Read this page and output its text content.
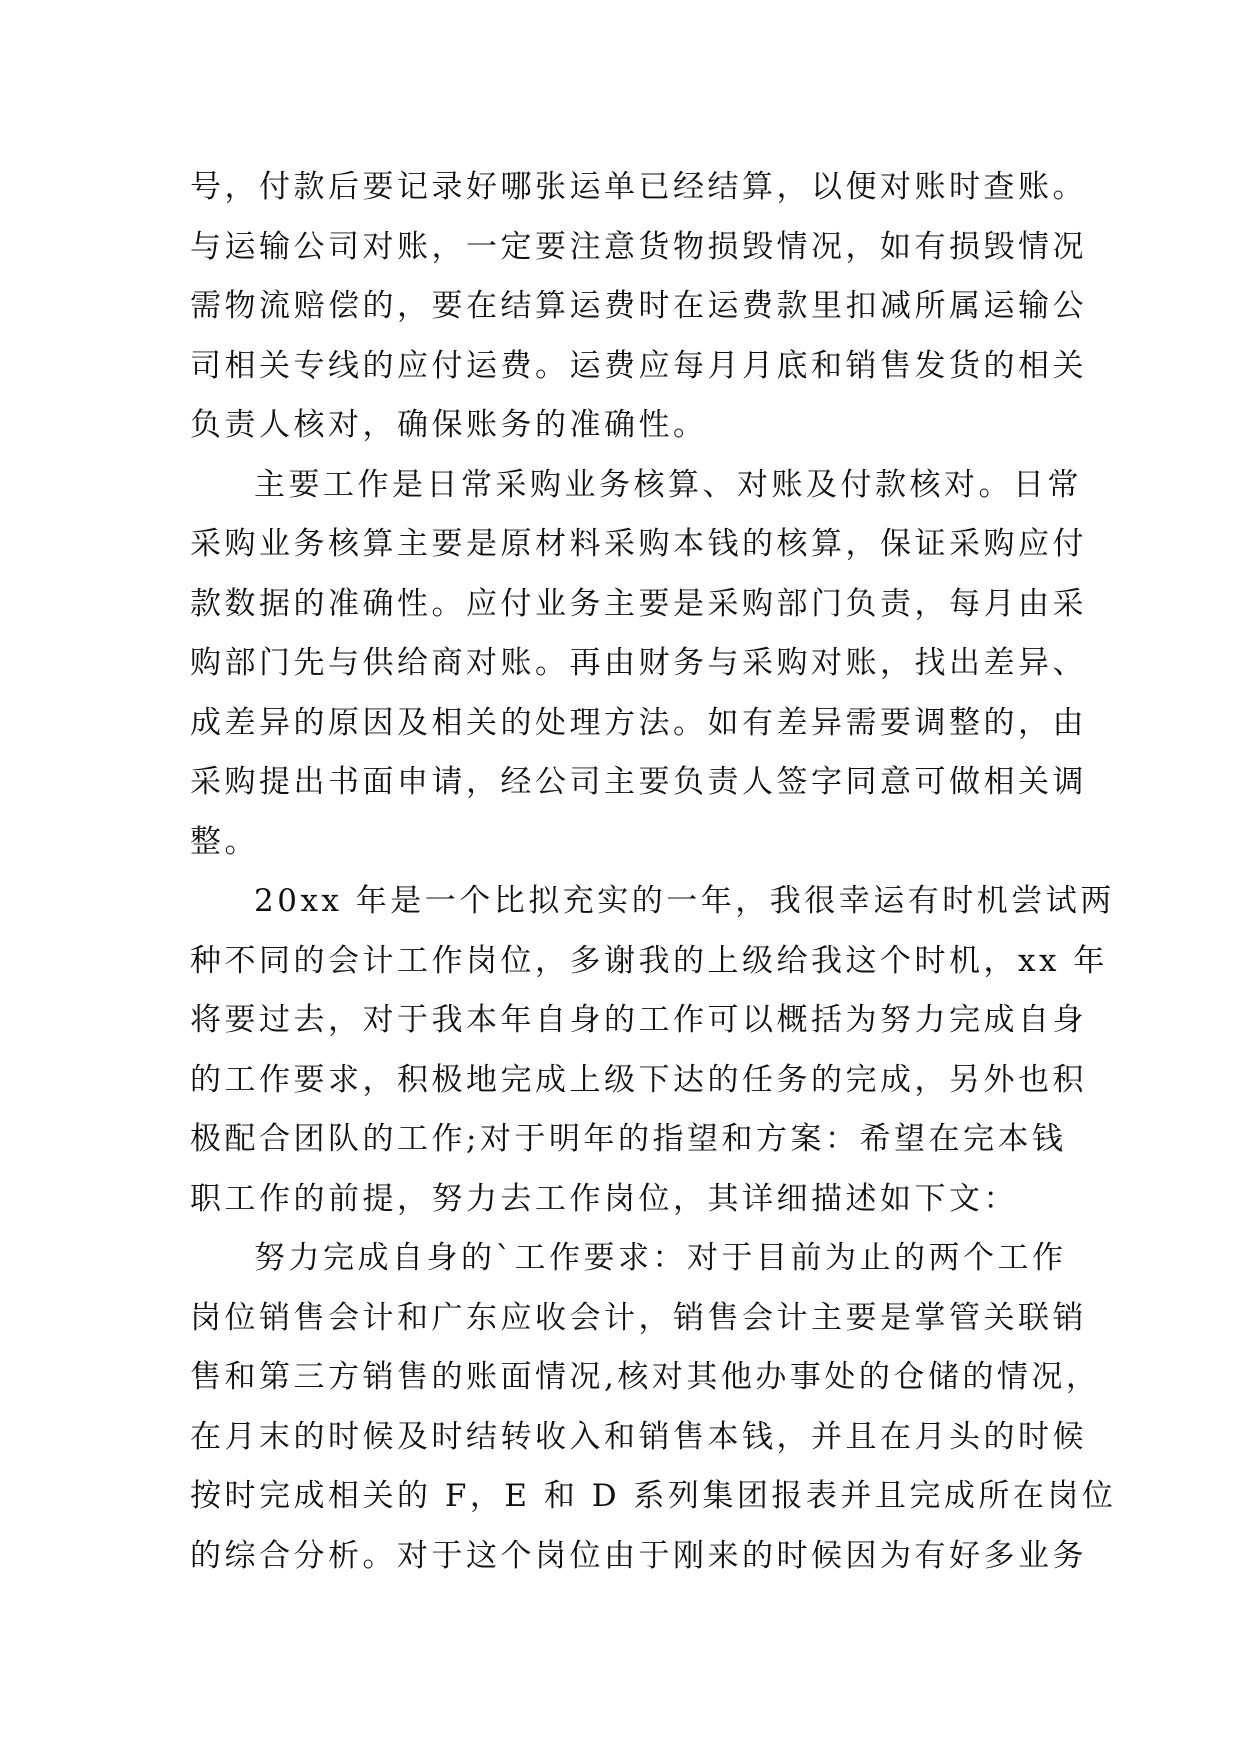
号，付款后要记录好哪张运单已经结算，以便对账时查账。
与运输公司对账，一定要注意货物损毁情况，如有损毁情况
需物流赔偿的，要在结算运费时在运费款里扣减所属运输公
司相关专线的应付运费。运费应每月月底和销售发货的相关
负责人核对，确保账务的准确性。
主要工作是日常采购业务核算、对账及付款核对。日常
采购业务核算主要是原材料采购本钱的核算，保证采购应付
款数据的准确性。应付业务主要是采购部门负责，每月由采
购部门先与供给商对账。再由财务与采购对账，找出差异、
成差异的原因及相关的处理方法。如有差异需要调整的，由
采购提出书面申请，经公司主要负责人签字同意可做相关调
整。
20xx 年是一个比拟充实的一年，我很幸运有时机尝试两
种不同的会计工作岗位，多谢我的上级给我这个时机，xx 年
将要过去，对于我本年自身的工作可以概括为努力完成自身
的工作要求，积极地完成上级下达的任务的完成，另外也积
极配合团队的工作;对于明年的指望和方案：希望在完本钱
职工作的前提，努力去工作岗位，其详细描述如下文：
努力完成自身的`工作要求：对于目前为止的两个工作
岗位销售会计和广东应收会计，销售会计主要是掌管关联销
售和第三方销售的账面情况,核对其他办事处的仓储的情况，
在月末的时候及时结转收入和销售本钱，并且在月头的时候
按时完成相关的 F，E 和 D 系列集团报表并且完成所在岗位
的综合分析。对于这个岗位由于刚来的时候因为有好多业务
